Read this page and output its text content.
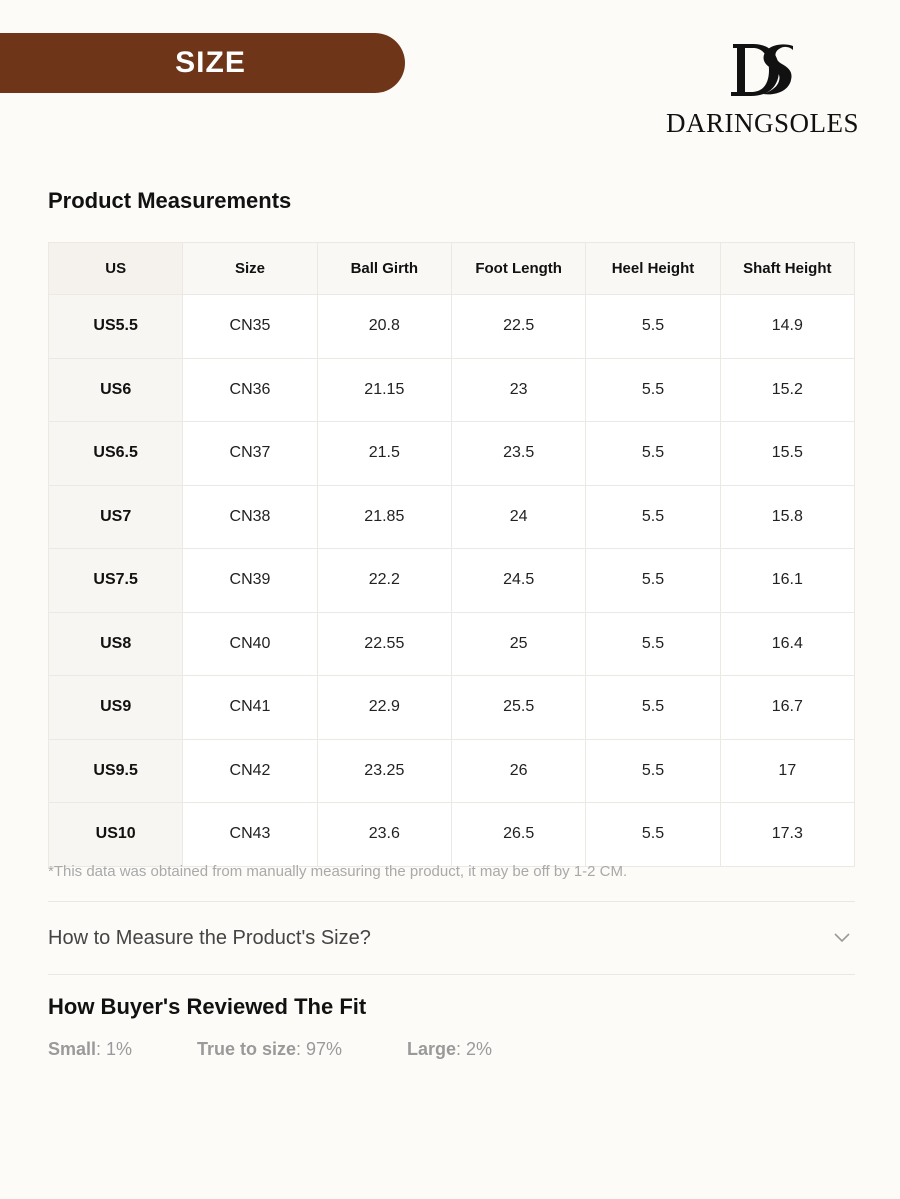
SIZE
DARINGSOLES
Product Measurements
US	Size	Ball Girth	Foot Length	Heel Height	Shaft Height
US5.5	CN35	20.8	22.5	5.5	14.9
US6	CN36	21.15	23	5.5	15.2
US6.5	CN37	21.5	23.5	5.5	15.5
US7	CN38	21.85	24	5.5	15.8
US7.5	CN39	22.2	24.5	5.5	16.1
US8	CN40	22.55	25	5.5	16.4
US9	CN41	22.9	25.5	5.5	16.7
US9.5	CN42	23.25	26	5.5	17
US10	CN43	23.6	26.5	5.5	17.3
*This data was obtained from manually measuring the product, it may be off by 1-2 CM.
How to Measure the Product's Size?
How Buyer's Reviewed The Fit
Small: 1%	True to size: 97%	Large: 2%
